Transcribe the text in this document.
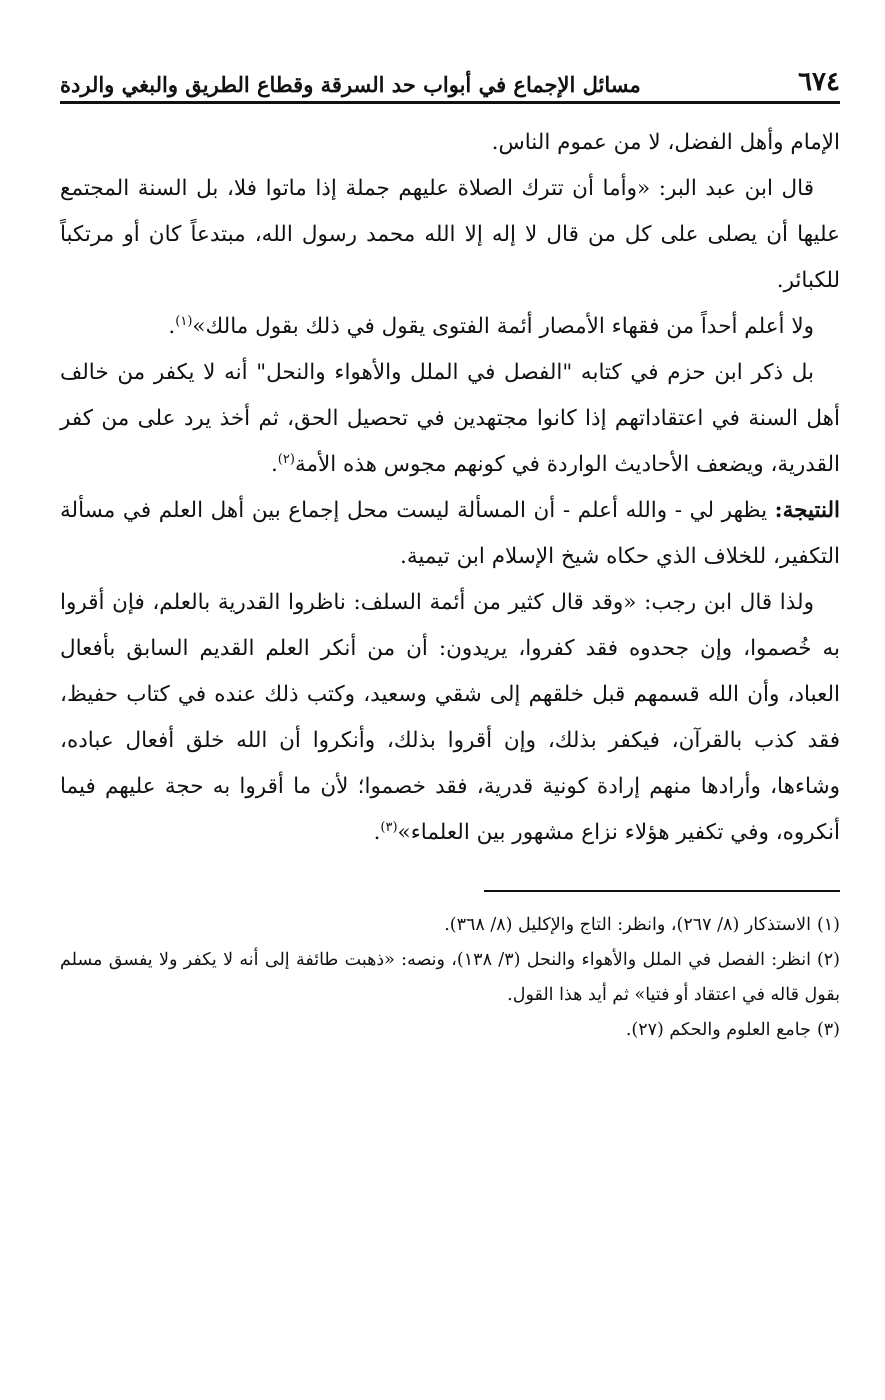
٦٧٤
مسائل الإجماع في أبواب حد السرقة وقطاع الطريق والبغي والردة

الإمام وأهل الفضل، لا من عموم الناس.

قال ابن عبد البر: «وأما أن تترك الصلاة عليهم جملة إذا ماتوا فلا، بل السنة المجتمع عليها أن يصلى على كل من قال لا إله إلا الله محمد رسول الله، مبتدعاً كان أو مرتكباً للكبائر.

ولا أعلم أحداً من فقهاء الأمصار أئمة الفتوى يقول في ذلك بقول مالك»$^{(١)}$.

بل ذكر ابن حزم في كتابه "الفصل في الملل والأهواء والنحل" أنه لا يكفر من خالف أهل السنة في اعتقاداتهم إذا كانوا مجتهدين في تحصيل الحق، ثم أخذ يرد على من كفر القدرية، ويضعف الأحاديث الواردة في كونهم مجوس هذه الأمة$^{(٢)}$.

النتيجة: يظهر لي - والله أعلم - أن المسألة ليست محل إجماع بين أهل العلم في مسألة التكفير، للخلاف الذي حكاه شيخ الإسلام ابن تيمية.

ولذا قال ابن رجب: «وقد قال كثير من أئمة السلف: ناظروا القدرية بالعلم، فإن أقروا به خُصموا، وإن جحدوه فقد كفروا، يريدون: أن من أنكر العلم القديم السابق بأفعال العباد، وأن الله قسمهم قبل خلقهم إلى شقي وسعيد، وكتب ذلك عنده في كتاب حفيظ، فقد كذب بالقرآن، فيكفر بذلك، وإن أقروا بذلك، وأنكروا أن الله خلق أفعال عباده، وشاءها، وأرادها منهم إرادة كونية قدرية، فقد خصموا؛ لأن ما أقروا به حجة عليهم فيما أنكروه، وفي تكفير هؤلاء نزاع مشهور بين العلماء»$^{(٣)}$.

(١)الاستذكار (٨/ ٢٦٧)، وانظر: التاج والإكليل (٨/ ٣٦٨).

(٢)انظر: الفصل في الملل والأهواء والنحل (٣/ ١٣٨)، ونصه: «ذهبت طائفة إلى أنه لا يكفر ولا يفسق مسلم بقول قاله في اعتقاد أو فتيا» ثم أيد هذا القول.

(٣)جامع العلوم والحكم (٢٧).
